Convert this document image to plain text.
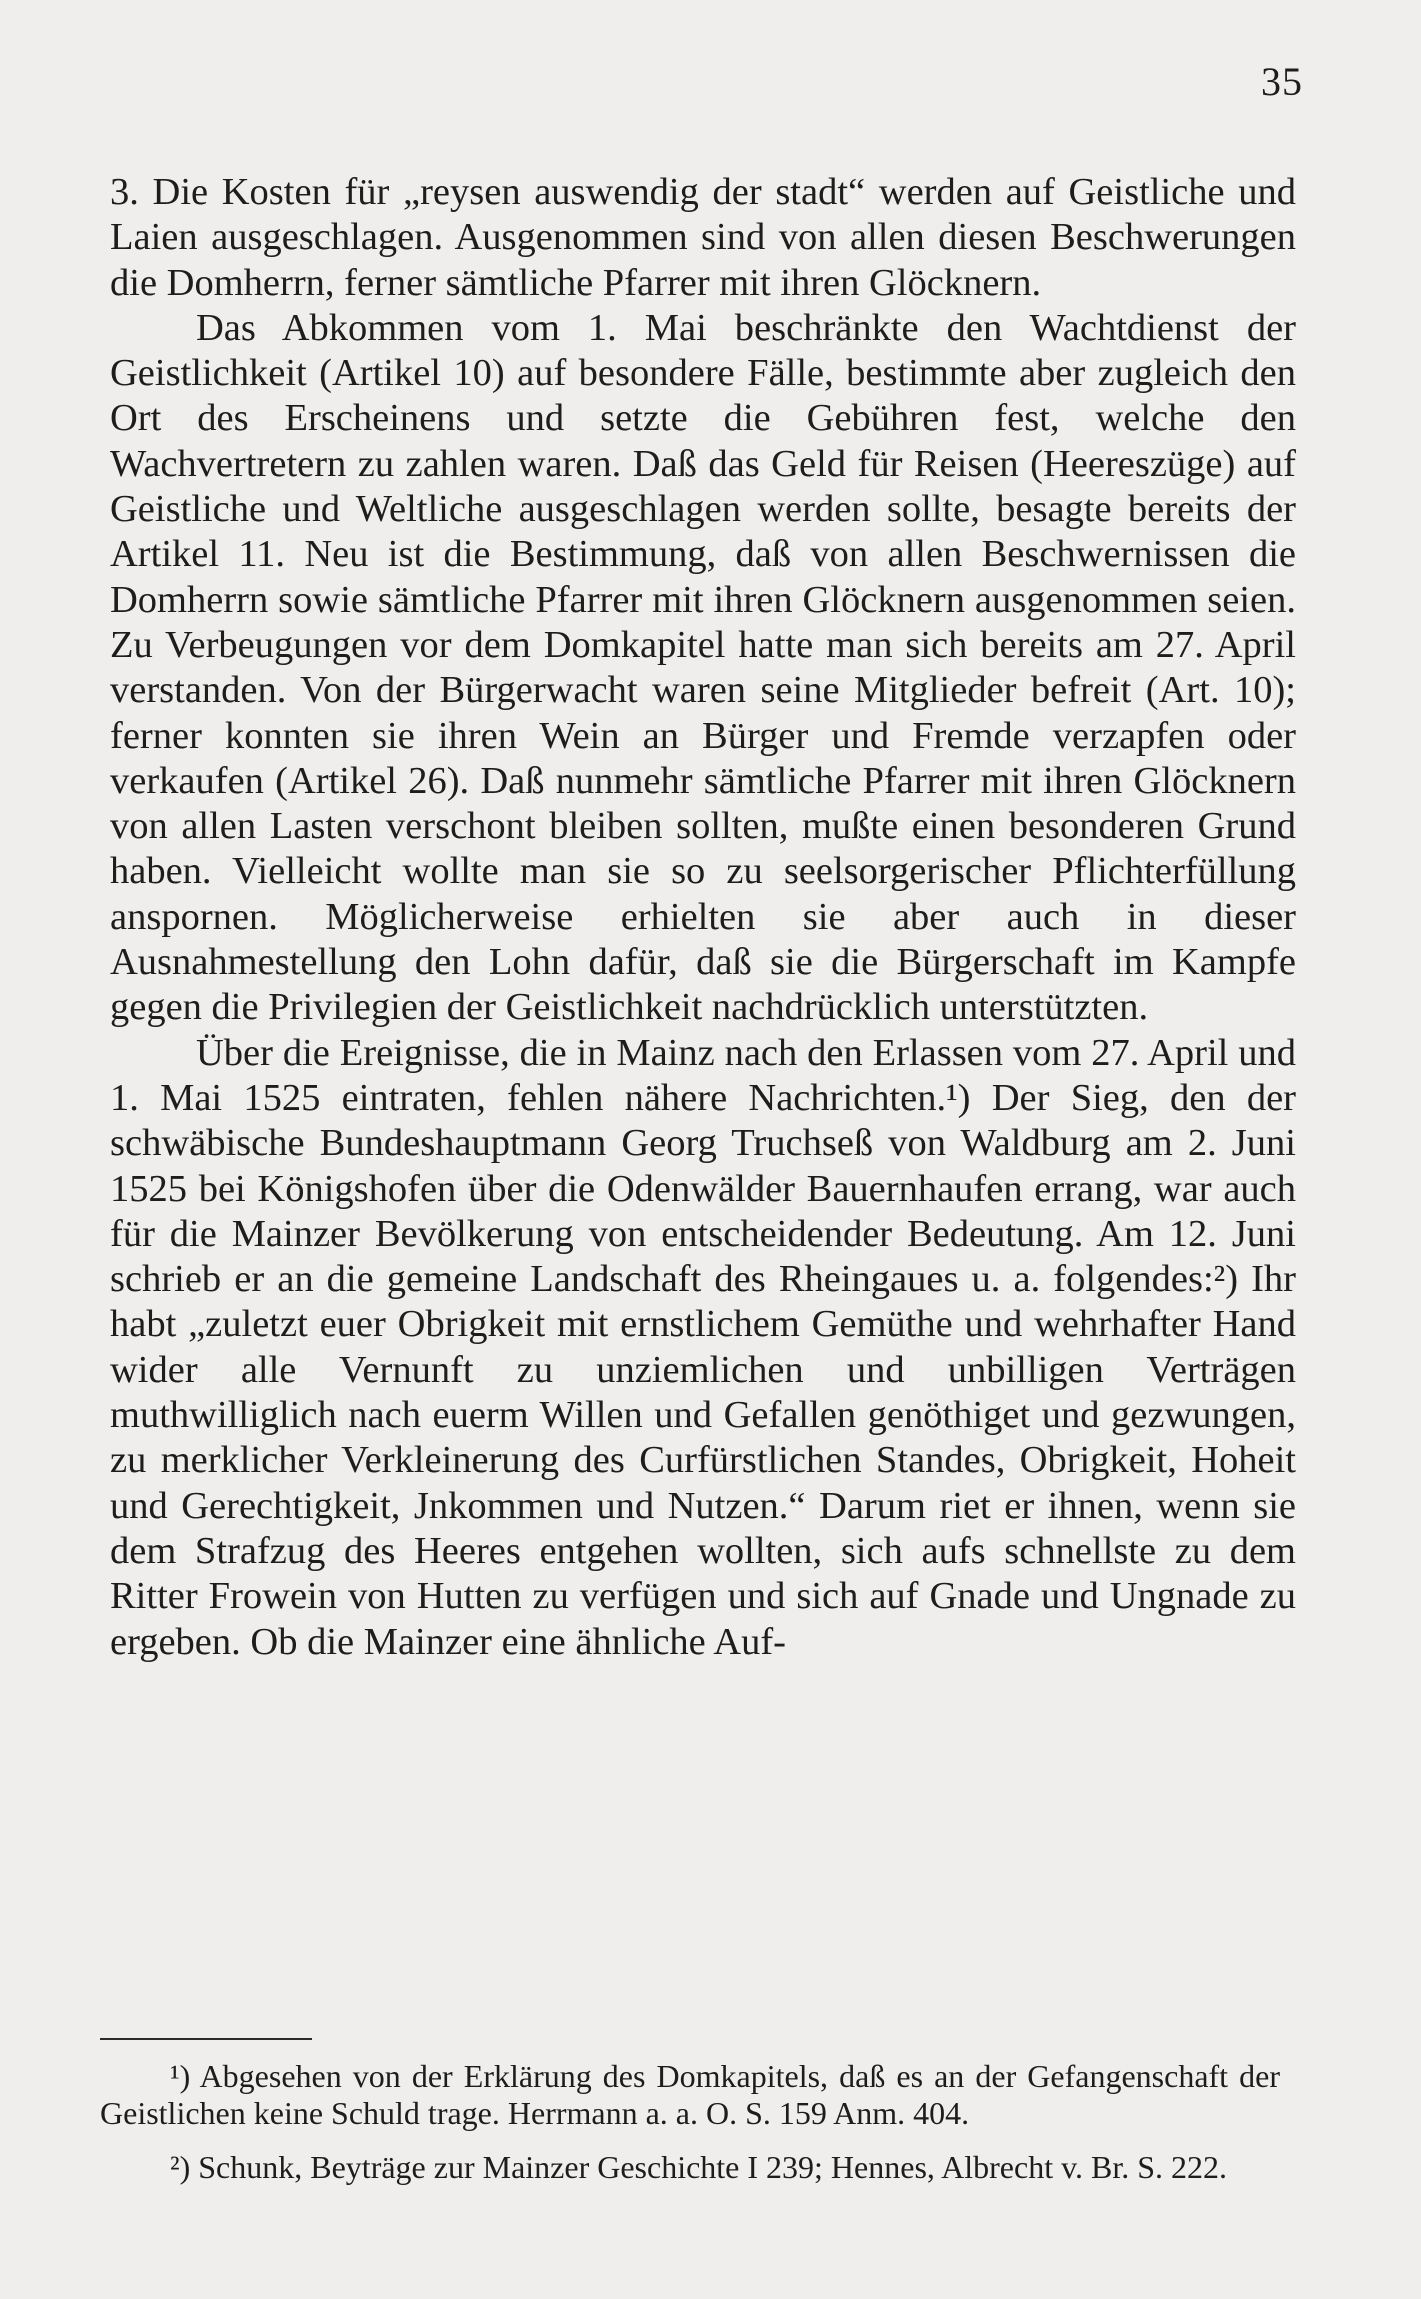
35

3. Die Kosten für „reysen auswendig der stadt“ werden auf Geistliche und Laien ausgeschlagen. Ausgenommen sind von allen diesen Beschwerungen die Domherrn, ferner sämtliche Pfarrer mit ihren Glöcknern.

Das Abkommen vom 1. Mai beschränkte den Wachtdienst der Geistlichkeit (Artikel 10) auf besondere Fälle, bestimmte aber zugleich den Ort des Erscheinens und setzte die Gebühren fest, welche den Wachvertretern zu zahlen waren. Daß das Geld für Reisen (Heereszüge) auf Geistliche und Weltliche ausgeschlagen werden sollte, besagte bereits der Artikel 11. Neu ist die Bestimmung, daß von allen Beschwernissen die Domherrn sowie sämtliche Pfarrer mit ihren Glöcknern ausgenommen seien. Zu Verbeugungen vor dem Domkapitel hatte man sich bereits am 27. April verstanden. Von der Bürgerwacht waren seine Mitglieder befreit (Art. 10); ferner konnten sie ihren Wein an Bürger und Fremde verzapfen oder verkaufen (Artikel 26). Daß nunmehr sämtliche Pfarrer mit ihren Glöcknern von allen Lasten verschont bleiben sollten, mußte einen besonderen Grund haben. Vielleicht wollte man sie so zu seelsorgerischer Pflichterfüllung anspornen. Möglicherweise erhielten sie aber auch in dieser Ausnahmestellung den Lohn dafür, daß sie die Bürgerschaft im Kampfe gegen die Privilegien der Geistlichkeit nachdrücklich unterstützten.

Über die Ereignisse, die in Mainz nach den Erlassen vom 27. April und 1. Mai 1525 eintraten, fehlen nähere Nachrichten.¹) Der Sieg, den der schwäbische Bundeshauptmann Georg Truchseß von Waldburg am 2. Juni 1525 bei Königshofen über die Odenwälder Bauernhaufen errang, war auch für die Mainzer Bevölkerung von entscheidender Bedeutung. Am 12. Juni schrieb er an die gemeine Landschaft des Rheingaues u. a. folgendes:²) Ihr habt „zuletzt euer Obrigkeit mit ernstlichem Gemüthe und wehrhafter Hand wider alle Vernunft zu unziemlichen und unbilligen Verträgen muthwilliglich nach euerm Willen und Gefallen genöthiget und gezwungen, zu merklicher Verkleinerung des Curfürstlichen Standes, Obrigkeit, Hoheit und Gerechtigkeit, Jnkommen und Nutzen.“ Darum riet er ihnen, wenn sie dem Strafzug des Heeres entgehen wollten, sich aufs schnellste zu dem Ritter Frowein von Hutten zu verfügen und sich auf Gnade und Ungnade zu ergeben. Ob die Mainzer eine ähnliche Auf-

¹) Abgesehen von der Erklärung des Domkapitels, daß es an der Gefangenschaft der Geistlichen keine Schuld trage. Herrmann a. a. O. S. 159 Anm. 404.

²) Schunk, Beyträge zur Mainzer Geschichte I 239; Hennes, Albrecht v. Br. S. 222.
